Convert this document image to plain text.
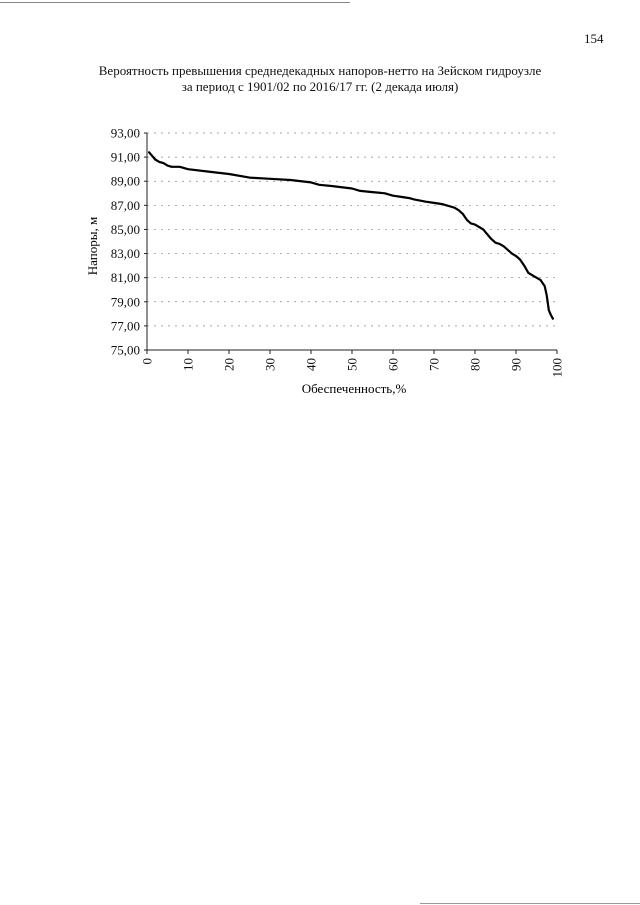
154
Вероятность превышения среднедекадных напоров-нетто на Зейском гидроузле
за период с 1901/02 по 2016/17 гг. (2 декада июля)
75,00
77,00
79,00
81,00
83,00
85,00
87,00
89,00
91,00
93,00
0 10 20 30 40 50 60 70 80 90 100
Напоры, м
Обеспеченность,%
